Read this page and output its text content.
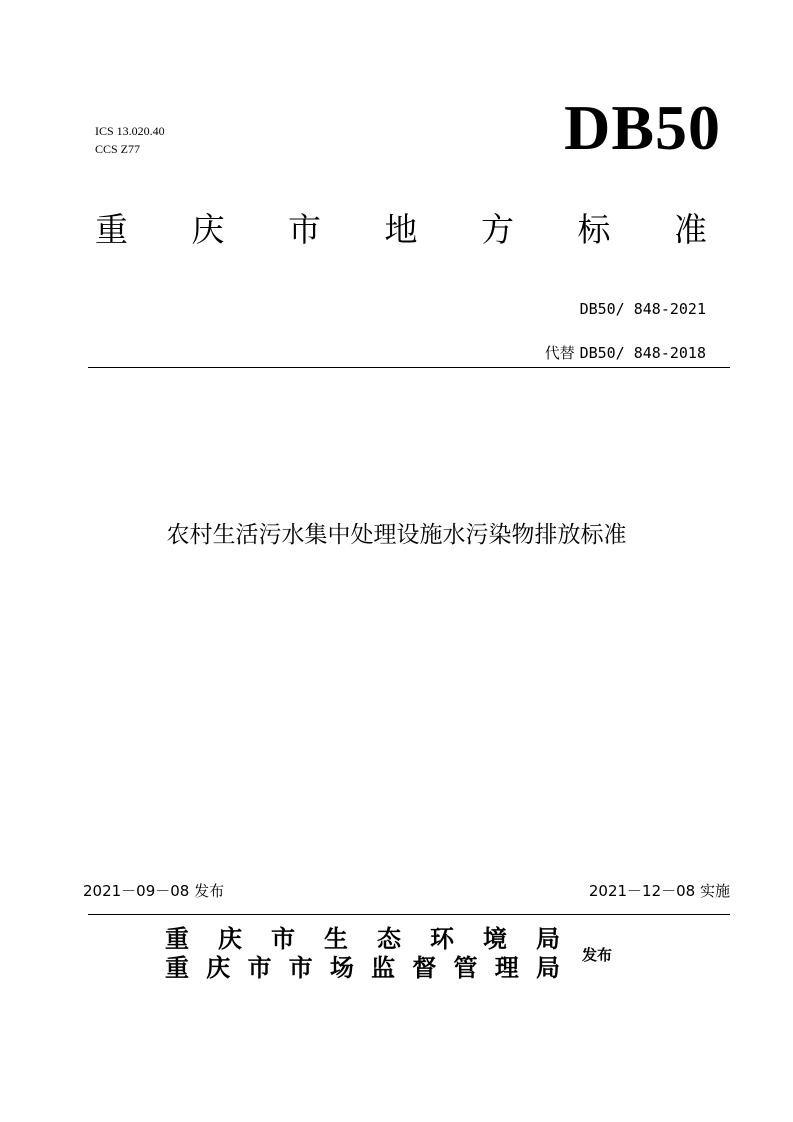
ICS 13.020.40
CCS Z77	DB50
重 庆 市 地 方 标 准
DB50/ 848-2021
代替 DB50/ 848-2018
农村生活污水集中处理设施水污染物排放标准
2021－09－08 发布	2021－12－08 实施
重 庆 市 生 态 环 境 局
重 庆 市 市 场 监 督 管 理 局 发布
